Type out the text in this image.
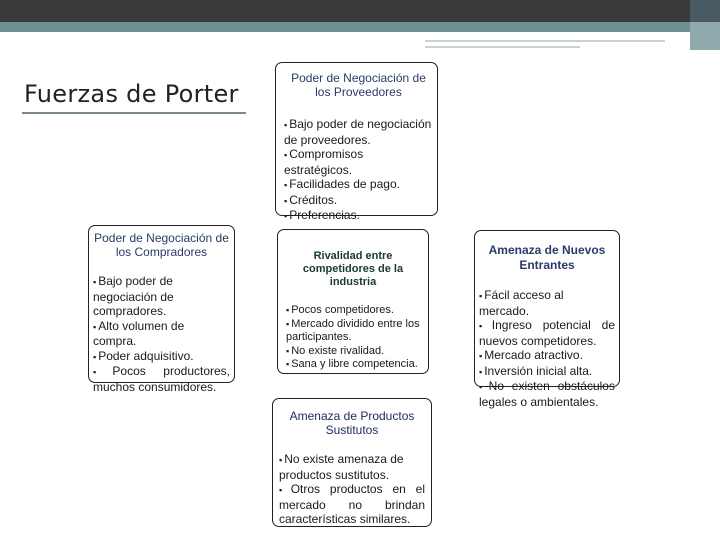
Fuerzas de Porter

Poder de Negociación de los Proveedores

▪ Bajo poder de negociación de proveedores.
▪ Compromisos estratégicos.
▪ Facilidades de pago.
▪ Créditos.
▪ Preferencias.

Poder de Negociación de los Compradores

▪ Bajo poder de negociación de compradores.
▪ Alto volumen de compra.
▪ Poder adquisitivo.
▪ Pocos productores, muchos consumidores.

Rivalidad entre competidores de la industria

▪ Pocos competidores.
▪ Mercado dividido entre los participantes.
▪ No existe rivalidad.
▪ Sana y libre competencia.

Amenaza de Nuevos Entrantes

▪ Fácil acceso al mercado.
▪ Ingreso potencial de nuevos competidores.
▪ Mercado atractivo.
▪ Inversión inicial alta.
▪ No existen obstáculos legales o ambientales.

Amenaza de Productos Sustitutos

▪ No existe amenaza de productos sustitutos.
▪ Otros productos en el mercado no brindan características similares.
